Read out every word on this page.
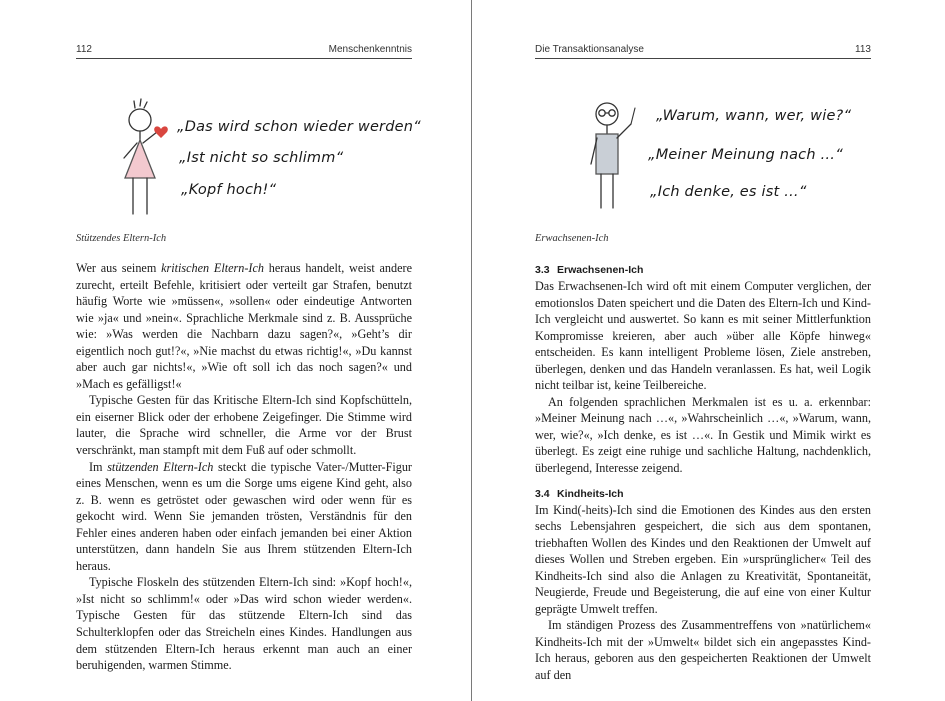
112	Menschenkenntnis
„Das wird schon wieder werden“
„Ist nicht so schlimm“
„Kopf hoch!“
Stützendes Eltern-Ich

Wer aus seinem kritischen Eltern-Ich heraus handelt, weist andere zurecht, erteilt Befehle, kritisiert oder verteilt gar Strafen, benutzt häufig Worte wie »müssen«, »sollen« oder eindeutige Antworten wie »ja« und »nein«. Sprachliche Merkmale sind z. B. Aussprüche wie: »Was werden die Nachbarn dazu sagen?«, »Geht’s dir eigentlich noch gut!?«, »Nie machst du etwas richtig!«, »Du kannst aber auch gar nichts!«, »Wie oft soll ich das noch sagen?« und »Mach es gefälligst!«

Typische Gesten für das Kritische Eltern-Ich sind Kopfschütteln, ein eiserner Blick oder der erhobene Zeigefinger. Die Stimme wird lauter, die Sprache wird schneller, die Arme vor der Brust verschränkt, man stampft mit dem Fuß auf oder schmollt.

Im stützenden Eltern-Ich steckt die typische Vater-/Mutter-Figur eines Menschen, wenn es um die Sorge ums eigene Kind geht, also z. B. wenn es getröstet oder gewaschen wird oder wenn für es gekocht wird. Wenn Sie jemanden trösten, Verständnis für den Fehler eines anderen haben oder einfach jemanden bei einer Aktion unterstützen, dann handeln Sie aus Ihrem stützenden Eltern-Ich heraus.

Typische Floskeln des stützenden Eltern-Ich sind: »Kopf hoch!«, »Ist nicht so schlimm!« oder »Das wird schon wieder werden«. Typische Gesten für das stützende Eltern-Ich sind das Schulterklopfen oder das Streicheln eines Kindes. Handlungen aus dem stützenden Eltern-Ich heraus erkennt man auch an einer beruhigenden, warmen Stimme.

Die Transaktionsanalyse	113
„Warum, wann, wer, wie?“
„Meiner Meinung nach …“
„Ich denke, es ist …“
Erwachsenen-Ich
3.3 Erwachsenen-Ich

Das Erwachsenen-Ich wird oft mit einem Computer verglichen, der emotionslos Daten speichert und die Daten des Eltern-Ich und Kind-Ich vergleicht und auswertet. So kann es mit seiner Mittlerfunktion Kompromisse kreieren, aber auch »über alle Köpfe hinweg« entscheiden. Es kann intelligent Probleme lösen, Ziele anstreben, überlegen, denken und das Handeln veranlassen. Es hat, weil Logik nicht teilbar ist, keine Teilbereiche.

An folgenden sprachlichen Merkmalen ist es u. a. erkennbar: »Meiner Meinung nach …«, »Wahrscheinlich …«, »Warum, wann, wer, wie?«, »Ich denke, es ist …«. In Gestik und Mimik wirkt es überlegt. Es zeigt eine ruhige und sachliche Haltung, nachdenklich, überlegend, Interesse zeigend.

3.4 Kindheits-Ich

Im Kind(-heits)-Ich sind die Emotionen des Kindes aus den ersten sechs Lebensjahren gespeichert, die sich aus dem spontanen, triebhaften Wollen des Kindes und den Reaktionen der Umwelt auf dieses Wollen und Streben ergeben. Ein »ursprünglicher« Teil des Kindheits-Ich sind also die Anlagen zu Kreativität, Spontaneität, Neugierde, Freude und Begeisterung, die auf eine von einer Kultur geprägte Umwelt treffen.

Im ständigen Prozess des Zusammentreffens von »natürlichem« Kindheits-Ich mit der »Umwelt« bildet sich ein angepasstes Kind-Ich heraus, geboren aus den gespeicherten Reaktionen der Umwelt auf den
